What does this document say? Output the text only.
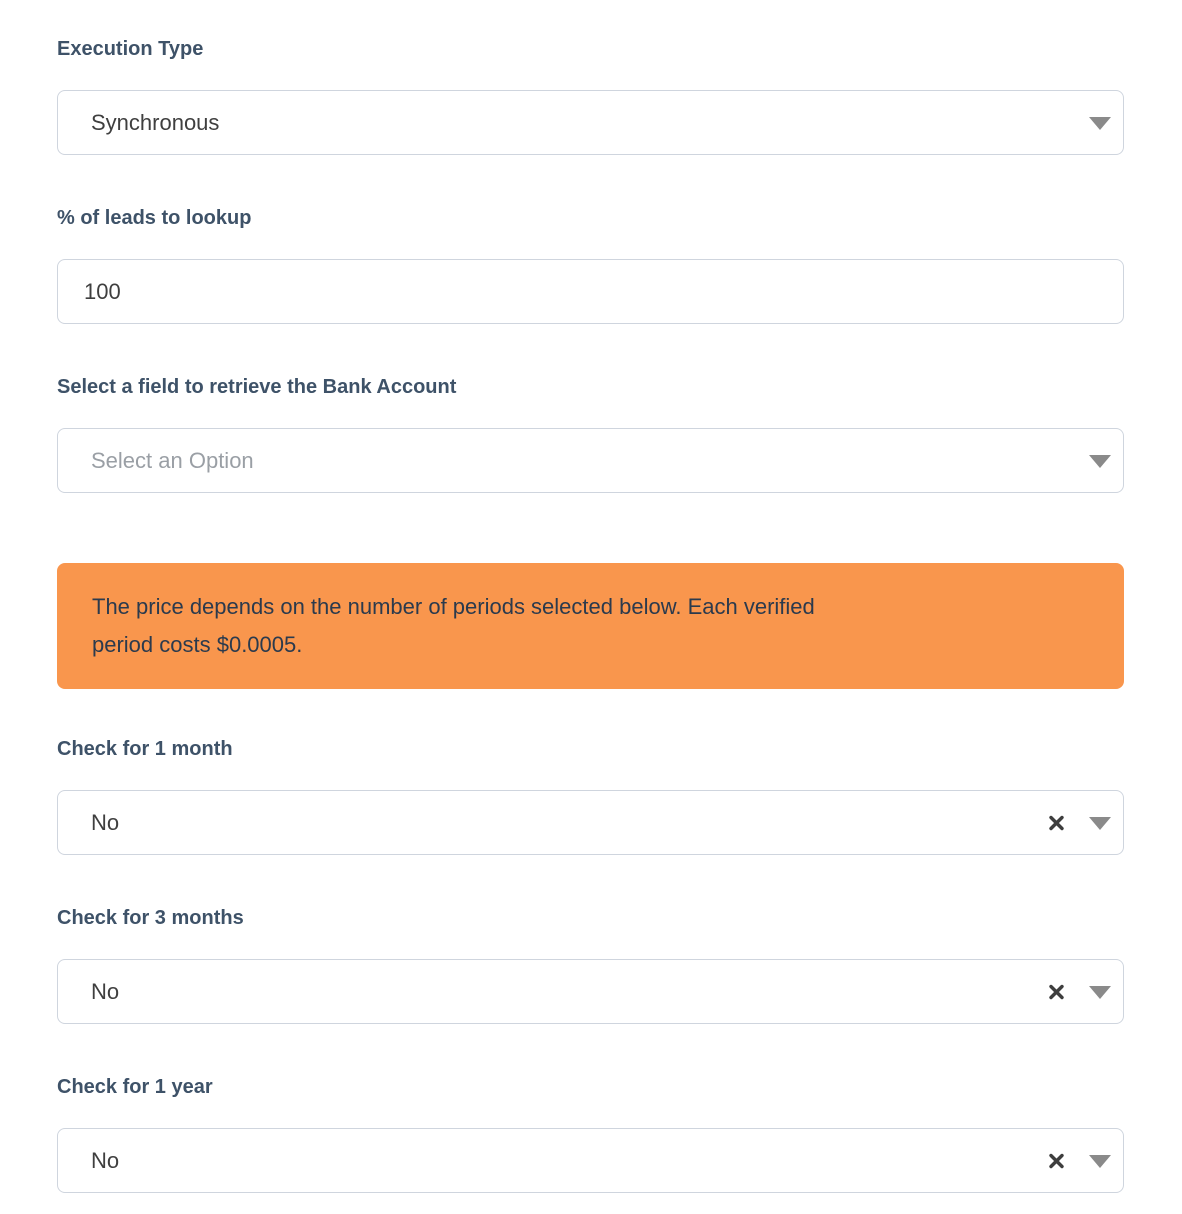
Execution Type
Synchronous
% of leads to lookup
100
Select a field to retrieve the Bank Account
Select an Option
The price depends on the number of periods selected below. Each verified
period costs $0.0005.
Check for 1 month
No
Check for 3 months
No
Check for 1 year
No
